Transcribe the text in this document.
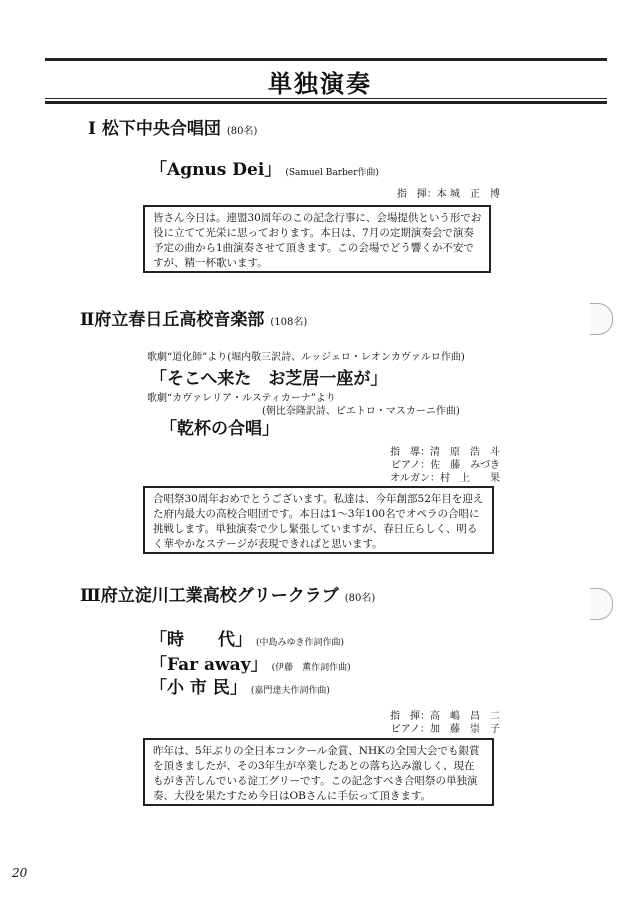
単独演奏
Ⅰ 松下中央合唱団 (80名)
「Agnus Dei」 (Samuel Barber作曲)
指　揮：本 城　正　博
皆さん今日は。連盟30周年のこの記念行事に、会場提供という形でお
役に立てて光栄に思っております。本日は、7月の定期演奏会で演奏
予定の曲から1曲演奏させて頂きます。この会場でどう響くか不安で
すが、精一杯歌います。
Ⅱ府立春日丘高校音楽部 (108名)
歌劇“道化師”より(堀内敬三訳詩、ルッジェロ・レオンカヴァルロ作曲)
「そこへ来た　お芝居一座が」
歌劇“カヴァレリア・ルスティカーナ”より
(朝比奈隆訳詩、ピエトロ・マスカーニ作曲)
「乾杯の合唱」
指　導：清　原　浩　斗
ピアノ：佐　藤　みづき
オルガン：村　上　　果
合唱祭30周年おめでとうございます。私達は、今年創部52年目を迎え
た府内最大の高校合唱団です。本日は1～3年100名でオペラの合唱に
挑戦します。単独演奏で少し緊張していますが、春日丘らしく、明る
く華やかなステージが表現できればと思います。
Ⅲ府立淀川工業高校グリークラブ (80名)
「時　　代」 (中島みゆき作詞作曲)
「Far away」 (伊藤　薫作詞作曲)
「小 市 民」 (嘉門達夫作詞作曲)
指　揮：高　嶋　昌　二
ピアノ：加　藤　崇　子
昨年は、5年ぶりの全日本コンクール金賞、NHKの全国大会でも銀賞
を頂きましたが、その3年生が卒業したあとの落ち込み激しく、現在
もがき苦しんでいる淀工グリーです。この記念すべき合唱祭の単独演
奏、大役を果たすため今日はOBさんに手伝って頂きます。
20
